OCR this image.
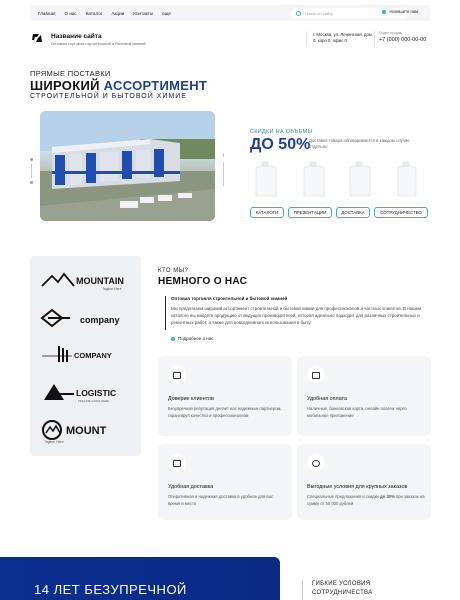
Главная О нас Каталог Акции Контакты еще	Поиск по сайту	Напишите нам
Название сайта
Оптовая торговля строительной и бытовой химией
г. Москва, ул. Ленинская, дом 0, корп 0, офис 0
Отдел продаж
+7 (000) 000-00-00
ПРЯМЫЕ ПОСТАВКИ
ШИРОКИЙ АССОРТИМЕНТ
СТРОИТЕЛЬНОЙ И БЫТОВОЙ ХИМИЕ
↑
СКИДКИ НА ОБЪЕМЫ
ДО 50%
Доставка товара обговаривается в каждом случае отдельно
КАТАЛОГИ	ПРЕЗЕНТАЦИИ	ДОСТАВКА	СОТРУДНИЧЕСТВО
MOUNTAIN
Tagline Here
company
COMPANY
LOGISTIC
TAGLINE GOES HERE
MOUNT
Tagline Here
КТО МЫ?
НЕМНОГО О НАС
Оптовая торговля строительной и бытовой химией
Мы предлагаем широкий ассортимент строительной и бытовой химии для профессионалов и частных клиентов. В нашем каталоге вы найдете продукцию от ведущих производителей, которая идеально подходит для различных строительных и ремонтных работ, а также для повседневного использования в быту.
Подробнее о нас
Доверие клиентов
Безупречная репутация делает нас надежным партнером, гарантируя качество и профессионализм
Удобная оплата
Наличные, банковская карта, онлайн платеж через мобильное приложение
Удобная доставка
Оперативная и надежная доставка в удобное для вас время и место
Выгодные условия для крупных заказов
Специальные предложения и скидки до 30% при заказах на сумму от 50 000 рублей
14 ЛЕТ БЕЗУПРЕЧНОЙ	ГИБКИЕ УСЛОВИЯ
СОТРУДНИЧЕСТВА
